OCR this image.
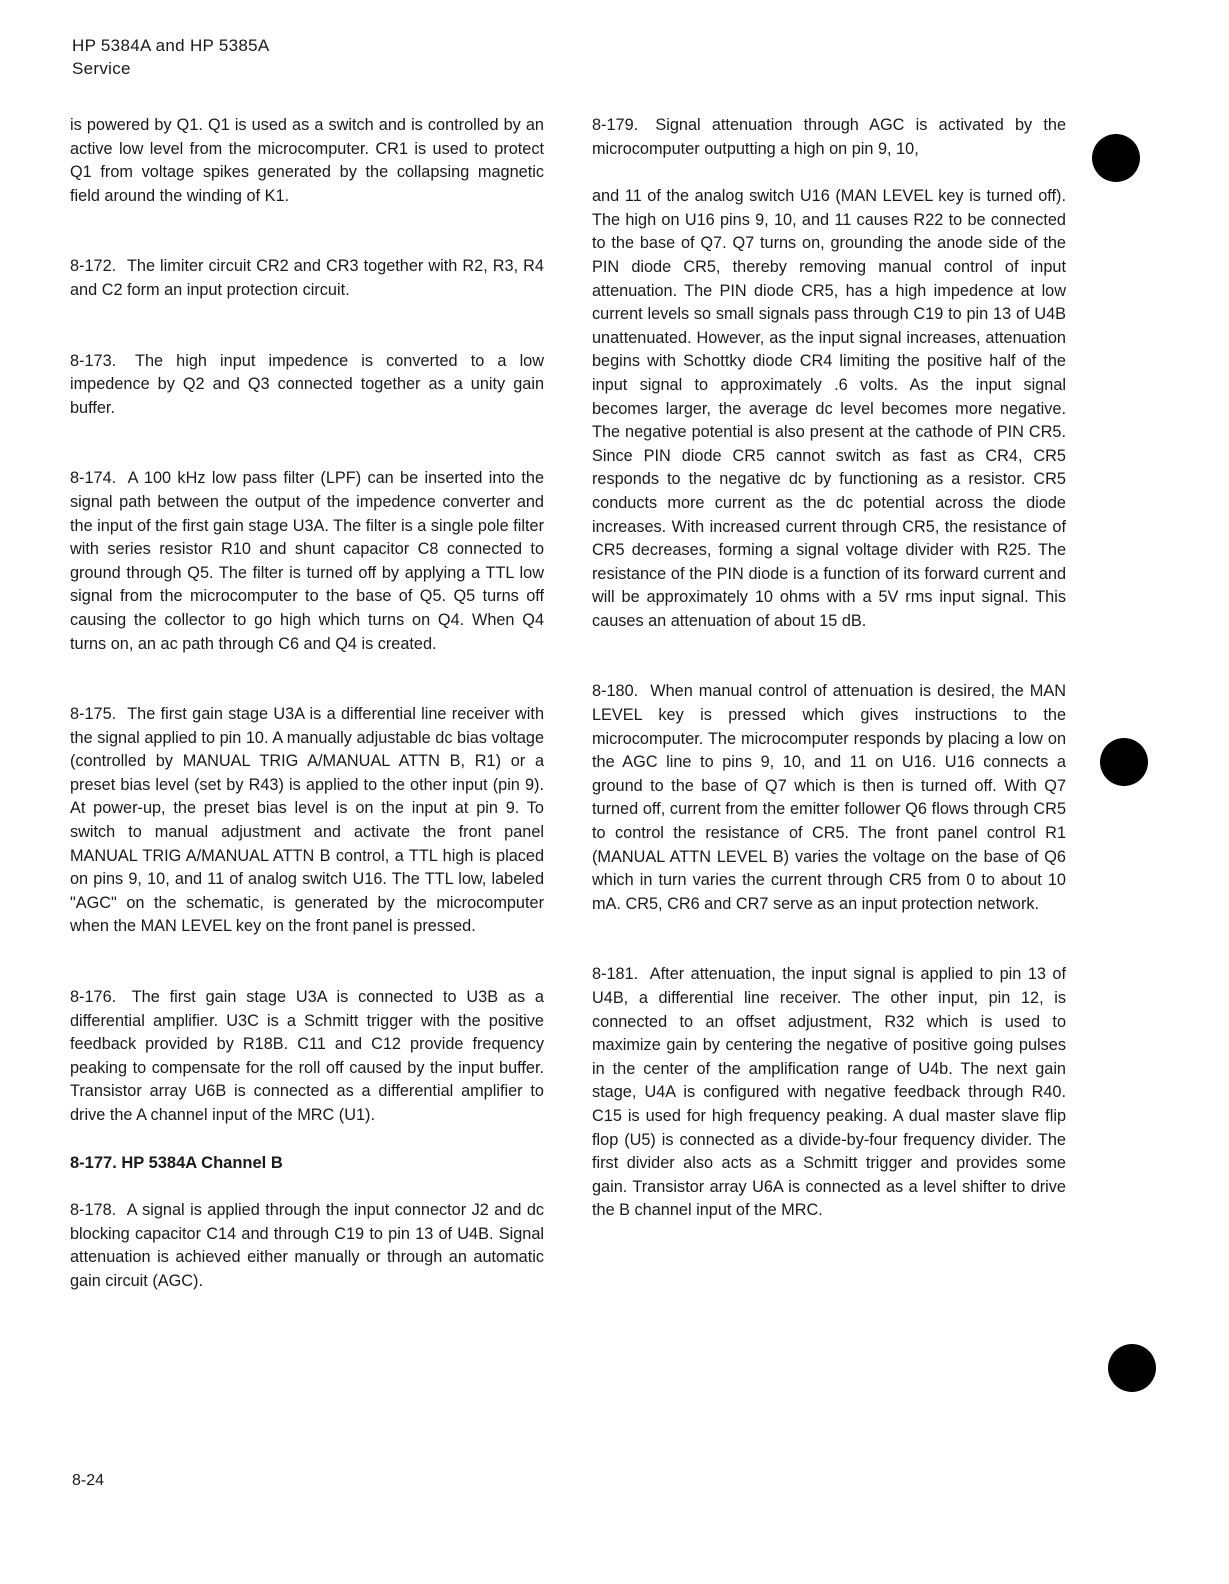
HP 5384A and HP 5385A
Service

is powered by Q1. Q1 is used as a switch and is controlled by an active low level from the microcomputer. CR1 is used to protect Q1 from voltage spikes generated by the collapsing magnetic field around the winding of K1.

8-172. The limiter circuit CR2 and CR3 together with R2, R3, R4 and C2 form an input protection circuit.

8-173. The high input impedence is converted to a low impedence by Q2 and Q3 connected together as a unity gain buffer.

8-174. A 100 kHz low pass filter (LPF) can be inserted into the signal path between the output of the impedence converter and the input of the first gain stage U3A. The filter is a single pole filter with series resistor R10 and shunt capacitor C8 connected to ground through Q5. The filter is turned off by applying a TTL low signal from the microcomputer to the base of Q5. Q5 turns off causing the collector to go high which turns on Q4. When Q4 turns on, an ac path through C6 and Q4 is created.

8-175. The first gain stage U3A is a differential line receiver with the signal applied to pin 10. A manually adjustable dc bias voltage (controlled by MANUAL TRIG A/MANUAL ATTN B, R1) or a preset bias level (set by R43) is applied to the other input (pin 9). At power-up, the preset bias level is on the input at pin 9. To switch to manual adjustment and activate the front panel MANUAL TRIG A/MANUAL ATTN B control, a TTL high is placed on pins 9, 10, and 11 of analog switch U16. The TTL low, labeled "AGC" on the schematic, is generated by the microcomputer when the MAN LEVEL key on the front panel is pressed.

8-176. The first gain stage U3A is connected to U3B as a differential amplifier. U3C is a Schmitt trigger with the positive feedback provided by R18B. C11 and C12 provide frequency peaking to compensate for the roll off caused by the input buffer. Transistor array U6B is connected as a differential amplifier to drive the A channel input of the MRC (U1).

8-177. HP 5384A Channel B

8-178. A signal is applied through the input connector J2 and dc blocking capacitor C14 and through C19 to pin 13 of U4B. Signal attenuation is achieved either manually or through an automatic gain circuit (AGC).

8-179. Signal attenuation through AGC is activated by the microcomputer outputting a high on pin 9, 10,

and 11 of the analog switch U16 (MAN LEVEL key is turned off). The high on U16 pins 9, 10, and 11 causes R22 to be connected to the base of Q7. Q7 turns on, grounding the anode side of the PIN diode CR5, thereby removing manual control of input attenuation. The PIN diode CR5, has a high impedence at low current levels so small signals pass through C19 to pin 13 of U4B unattenuated. However, as the input signal increases, attenuation begins with Schottky diode CR4 limiting the positive half of the input signal to approximately .6 volts. As the input signal becomes larger, the average dc level becomes more negative. The negative potential is also present at the cathode of PIN CR5. Since PIN diode CR5 cannot switch as fast as CR4, CR5 responds to the negative dc by functioning as a resistor. CR5 conducts more current as the dc potential across the diode increases. With increased current through CR5, the resistance of CR5 decreases, forming a signal voltage divider with R25. The resistance of the PIN diode is a function of its forward current and will be approximately 10 ohms with a 5V rms input signal. This causes an attenuation of about 15 dB.

8-180. When manual control of attenuation is desired, the MAN LEVEL key is pressed which gives instructions to the microcomputer. The microcomputer responds by placing a low on the AGC line to pins 9, 10, and 11 on U16. U16 connects a ground to the base of Q7 which is then is turned off. With Q7 turned off, current from the emitter follower Q6 flows through CR5 to control the resistance of CR5. The front panel control R1 (MANUAL ATTN LEVEL B) varies the voltage on the base of Q6 which in turn varies the current through CR5 from 0 to about 10 mA. CR5, CR6 and CR7 serve as an input protection network.

8-181. After attenuation, the input signal is applied to pin 13 of U4B, a differential line receiver. The other input, pin 12, is connected to an offset adjustment, R32 which is used to maximize gain by centering the negative of positive going pulses in the center of the amplification range of U4b. The next gain stage, U4A is configured with negative feedback through R40. C15 is used for high frequency peaking. A dual master slave flip flop (U5) is connected as a divide-by-four frequency divider. The first divider also acts as a Schmitt trigger and provides some gain. Transistor array U6A is connected as a level shifter to drive the B channel input of the MRC.

8-24
